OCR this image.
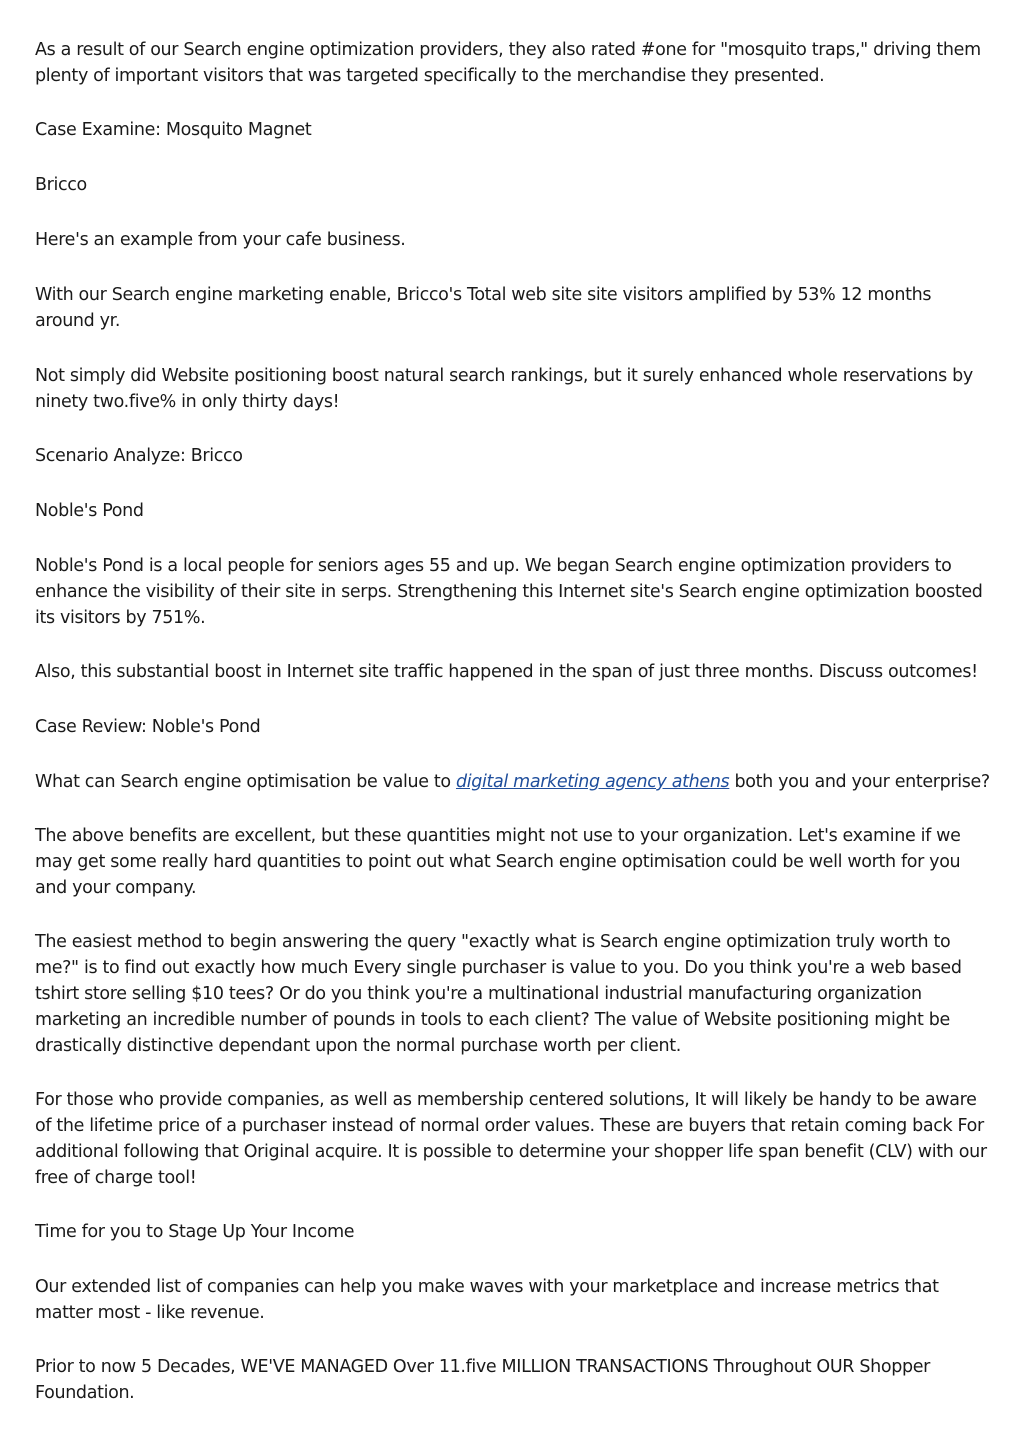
As a result of our Search engine optimization providers, they also rated #one for "mosquito traps," driving them plenty of important visitors that was targeted specifically to the merchandise they presented.

Case Examine: Mosquito Magnet

Bricco

Here's an example from your cafe business.

With our Search engine marketing enable, Bricco's Total web site site visitors amplified by 53% 12 months around yr.

Not simply did Website positioning boost natural search rankings, but it surely enhanced whole reservations by ninety two.five% in only thirty days!

Scenario Analyze: Bricco

Noble's Pond

Noble's Pond is a local people for seniors ages 55 and up. We began Search engine optimization providers to enhance the visibility of their site in serps. Strengthening this Internet site's Search engine optimization boosted its visitors by 751%.

Also, this substantial boost in Internet site traffic happened in the span of just three months. Discuss outcomes!

Case Review: Noble's Pond

What can Search engine optimisation be value to digital marketing agency athens both you and your enterprise?

The above benefits are excellent, but these quantities might not use to your organization. Let's examine if we may get some really hard quantities to point out what Search engine optimisation could be well worth for you and your company.

The easiest method to begin answering the query "exactly what is Search engine optimization truly worth to me?" is to find out exactly how much Every single purchaser is value to you. Do you think you're a web based tshirt store selling $10 tees? Or do you think you're a multinational industrial manufacturing organization marketing an incredible number of pounds in tools to each client? The value of Website positioning might be drastically distinctive dependant upon the normal purchase worth per client.

For those who provide companies, as well as membership centered solutions, It will likely be handy to be aware of the lifetime price of a purchaser instead of normal order values. These are buyers that retain coming back For additional following that Original acquire. It is possible to determine your shopper life span benefit (CLV) with our free of charge tool!

Time for you to Stage Up Your Income

Our extended list of companies can help you make waves with your marketplace and increase metrics that matter most - like revenue.

Prior to now 5 Decades, WE'VE MANAGED Over 11.five MILLION TRANSACTIONS Throughout OUR Shopper Foundation.
